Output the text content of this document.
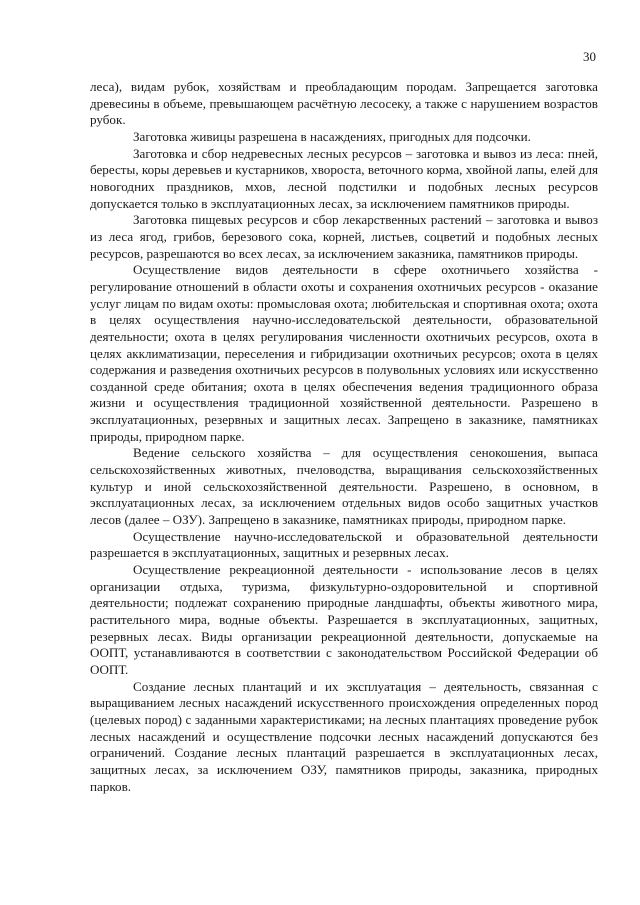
30

леса), видам рубок, хозяйствам и преобладающим породам. Запрещается заготовка древесины в объеме, превышающем расчётную лесосеку, а также с нарушением возрастов рубок.

Заготовка живицы разрешена в насаждениях, пригодных для подсочки.

Заготовка и сбор недревесных лесных ресурсов – заготовка и вывоз из леса: пней, бересты, коры деревьев и кустарников, хвороста, веточного корма, хвойной лапы, елей для новогодних праздников, мхов, лесной подстилки и подобных лесных ресурсов допускается только в эксплуатационных лесах, за исключением памятников природы.

Заготовка пищевых ресурсов и сбор лекарственных растений – заготовка и вывоз из леса ягод, грибов, березового сока, корней, листьев, соцветий и подобных лесных ресурсов, разрешаются во всех лесах, за исключением заказника, памятников природы.

Осуществление видов деятельности в сфере охотничьего хозяйства - регулирование отношений в области охоты и сохранения охотничьих ресурсов - оказание услуг лицам по видам охоты: промысловая охота; любительская и спортивная охота; охота в целях осуществления научно-исследовательской деятельности, образовательной деятельности; охота в целях регулирования численности охотничьих ресурсов, охота в целях акклиматизации, переселения и гибридизации охотничьих ресурсов; охота в целях содержания и разведения охотничьих ресурсов в полувольных условиях или искусственно созданной среде обитания; охота в целях обеспечения ведения традиционного образа жизни и осуществления традиционной хозяйственной деятельности. Разрешено в эксплуатационных, резервных и защитных лесах. Запрещено в заказнике, памятниках природы, природном парке.

Ведение сельского хозяйства – для осуществления сенокошения, выпаса сельскохозяйственных животных, пчеловодства, выращивания сельскохозяйственных культур и иной сельскохозяйственной деятельности. Разрешено, в основном, в эксплуатационных лесах, за исключением отдельных видов особо защитных участков лесов (далее – ОЗУ). Запрещено в заказнике, памятниках природы, природном парке.

Осуществление научно-исследовательской и образовательной деятельности разрешается в эксплуатационных, защитных и резервных лесах.

Осуществление рекреационной деятельности - использование лесов в целях организации отдыха, туризма, физкультурно-оздоровительной и спортивной деятельности; подлежат сохранению природные ландшафты, объекты животного мира, растительного мира, водные объекты. Разрешается в эксплуатационных, защитных, резервных лесах. Виды организации рекреационной деятельности, допускаемые на ООПТ, устанавливаются в соответствии с законодательством Российской Федерации об ООПТ.

Создание лесных плантаций и их эксплуатация – деятельность, связанная с выращиванием лесных насаждений искусственного происхождения определенных пород (целевых пород) с заданными характеристиками; на лесных плантациях проведение рубок лесных насаждений и осуществление подсочки лесных насаждений допускаются без ограничений. Создание лесных плантаций разрешается в эксплуатационных лесах, защитных лесах, за исключением ОЗУ, памятников природы, заказника, природных парков.
